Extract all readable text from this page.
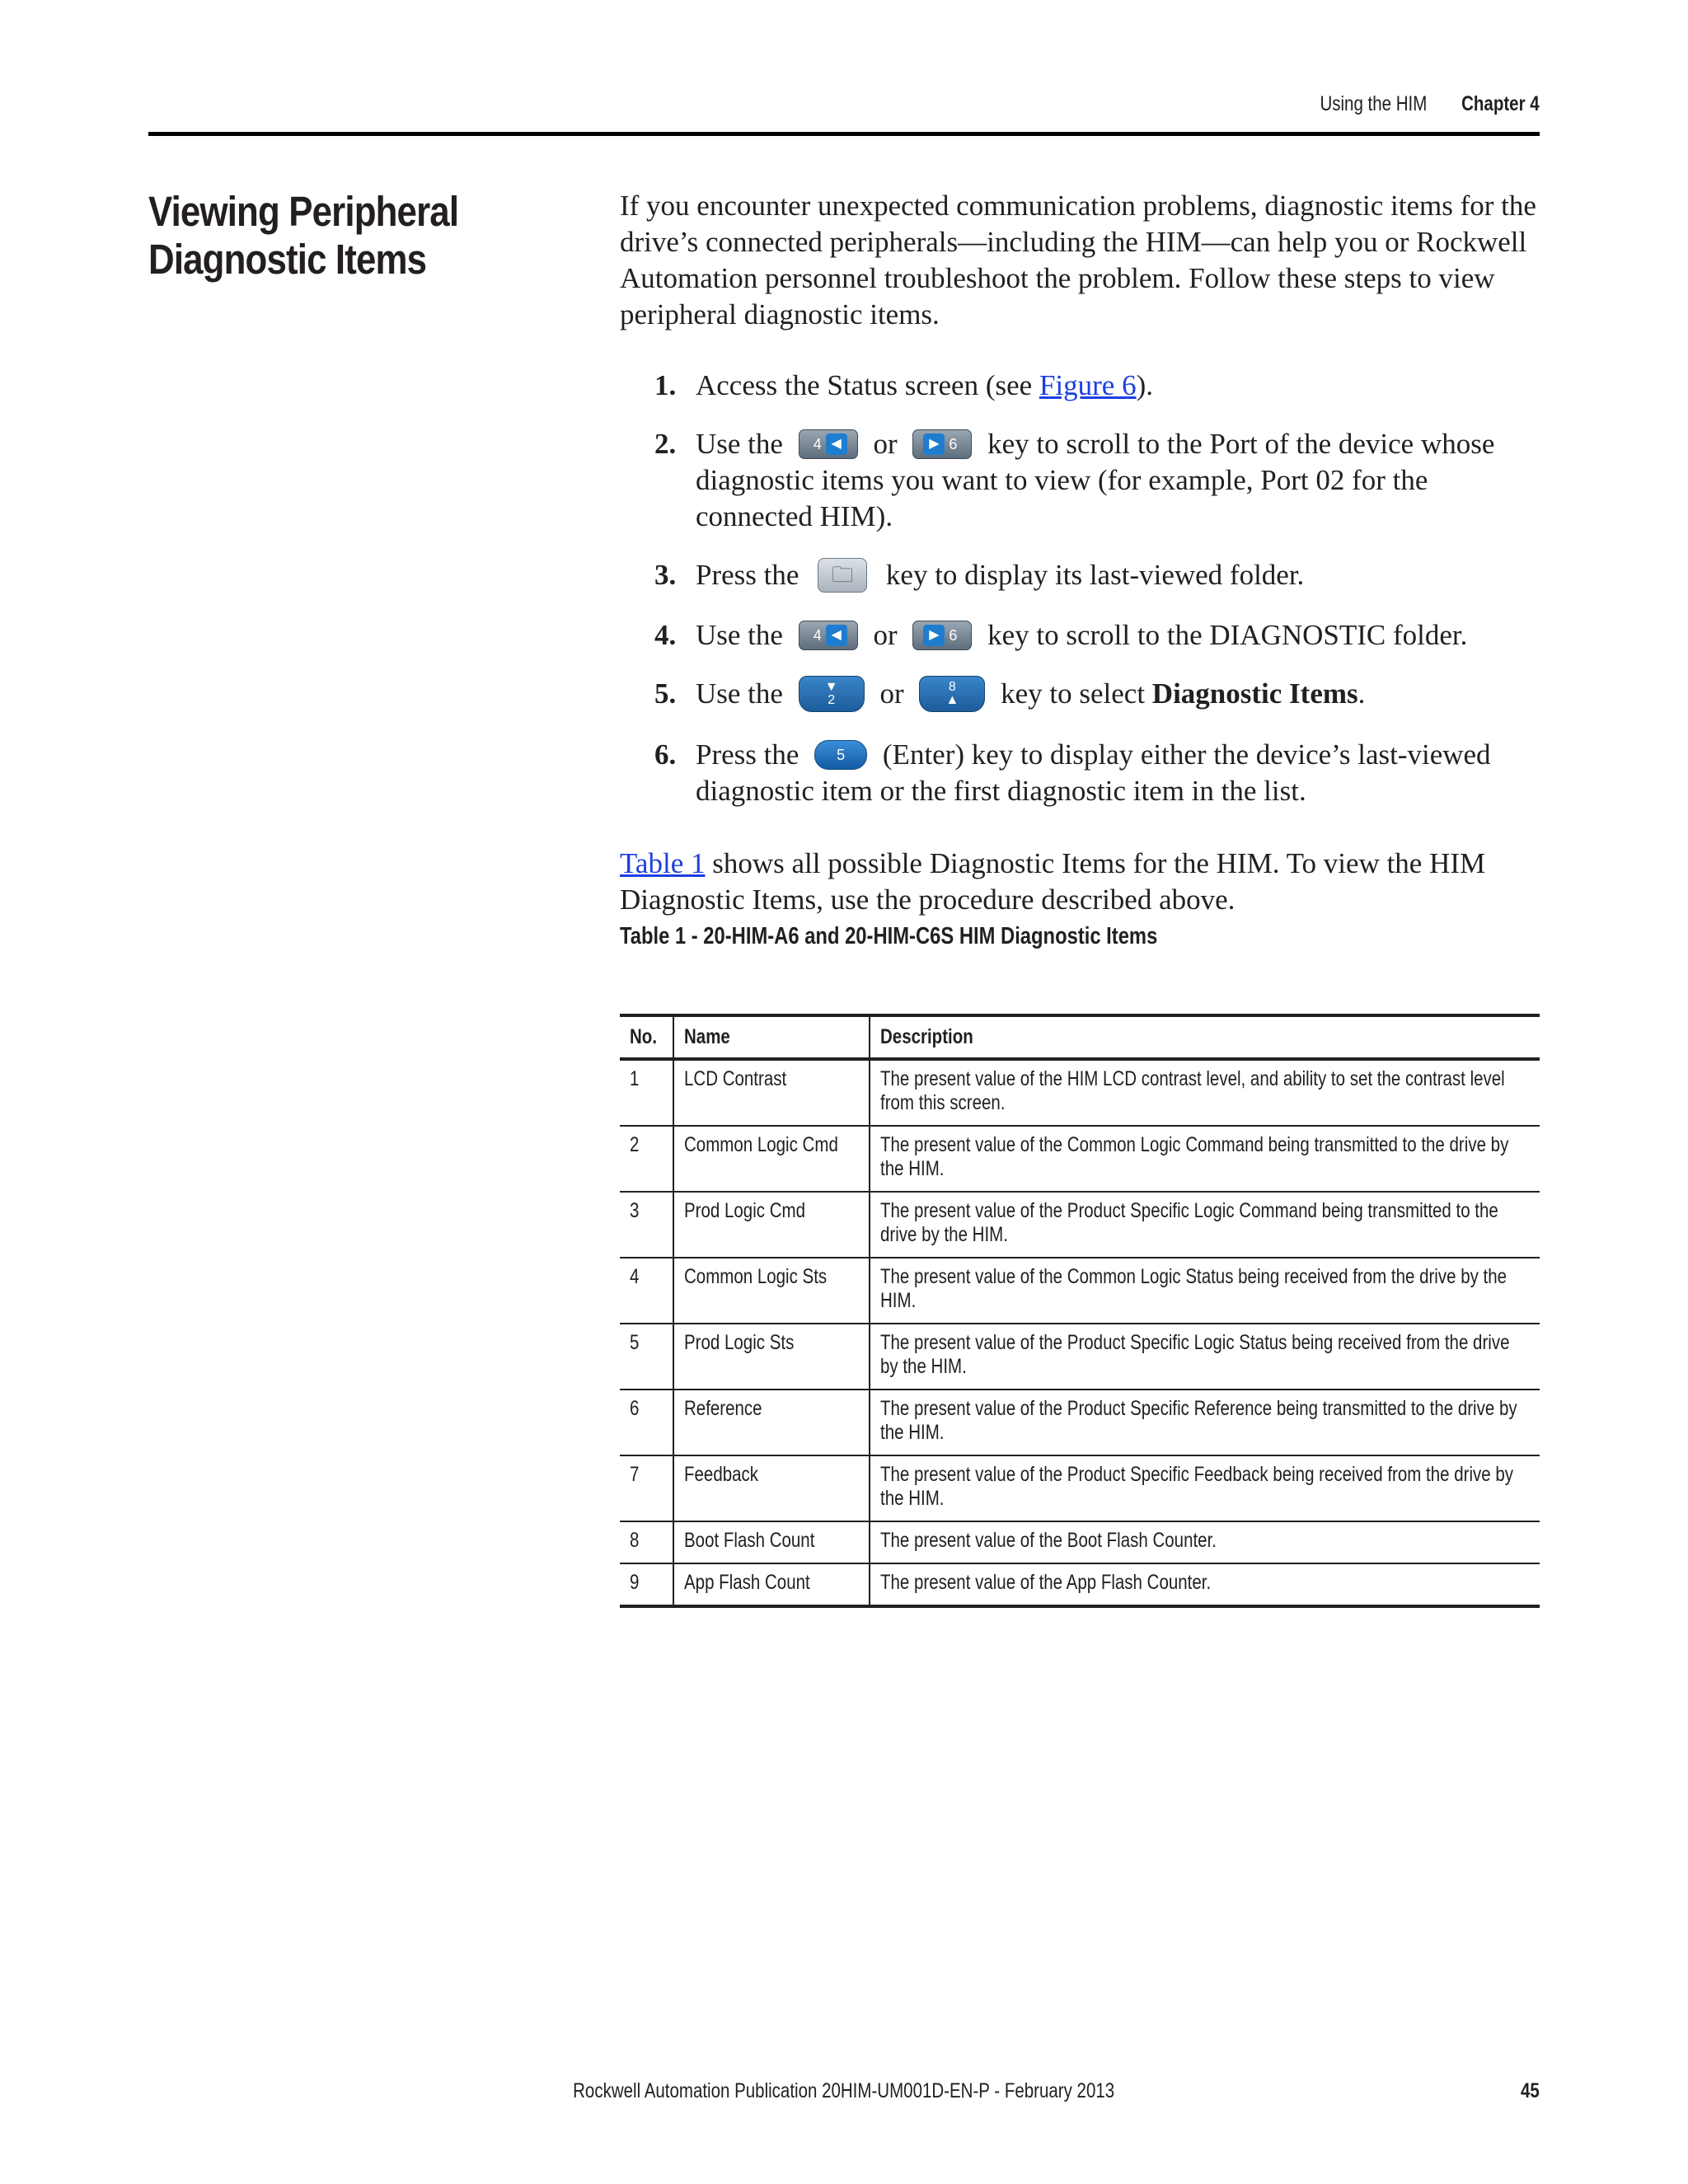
Using the HIM Chapter 4
Viewing Peripheral Diagnostic Items

If you encounter unexpected communication problems, diagnostic items for the drive’s connected peripherals—including the HIM—can help you or Rockwell Automation personnel troubleshoot the problem. Follow these steps to view peripheral diagnostic items.

1. Access the Status screen (see Figure 6).
2. Use the 4 ◀ or	▶ 6 key to scroll to the Port of the device whose diagnostic items you want to view (for example, Port 02 for the connected HIM).
3. Press the 🗀 key to display its last-viewed folder.
4. Use the 4 ◀ or	▶ 6 key to scroll to the DIAGNOSTIC folder.
5. Use the	▼
2 or	8
▲ key to select Diagnostic Items.
6. Press the	5 (Enter) key to display either the device’s last-viewed diagnostic item or the first diagnostic item in the list.

Table 1 shows all possible Diagnostic Items for the HIM. To view the HIM Diagnostic Items, use the procedure described above.

Table 1 - 20-HIM-A6 and 20-HIM-C6S HIM Diagnostic Items

No.	Name	Description
1	LCD Contrast	The present value of the HIM LCD contrast level, and ability to set the contrast level from this screen.
2	Common Logic Cmd	The present value of the Common Logic Command being transmitted to the drive by the HIM.
3	Prod Logic Cmd	The present value of the Product Specific Logic Command being transmitted to the drive by the HIM.
4	Common Logic Sts	The present value of the Common Logic Status being received from the drive by the HIM.
5	Prod Logic Sts	The present value of the Product Specific Logic Status being received from the drive by the HIM.
6	Reference	The present value of the Product Specific Reference being transmitted to the drive by the HIM.
7	Feedback	The present value of the Product Specific Feedback being received from the drive by the HIM.
8	Boot Flash Count	The present value of the Boot Flash Counter.
9	App Flash Count	The present value of the App Flash Counter.
Rockwell Automation Publication 20HIM-UM001D-EN-P - February 2013	45
